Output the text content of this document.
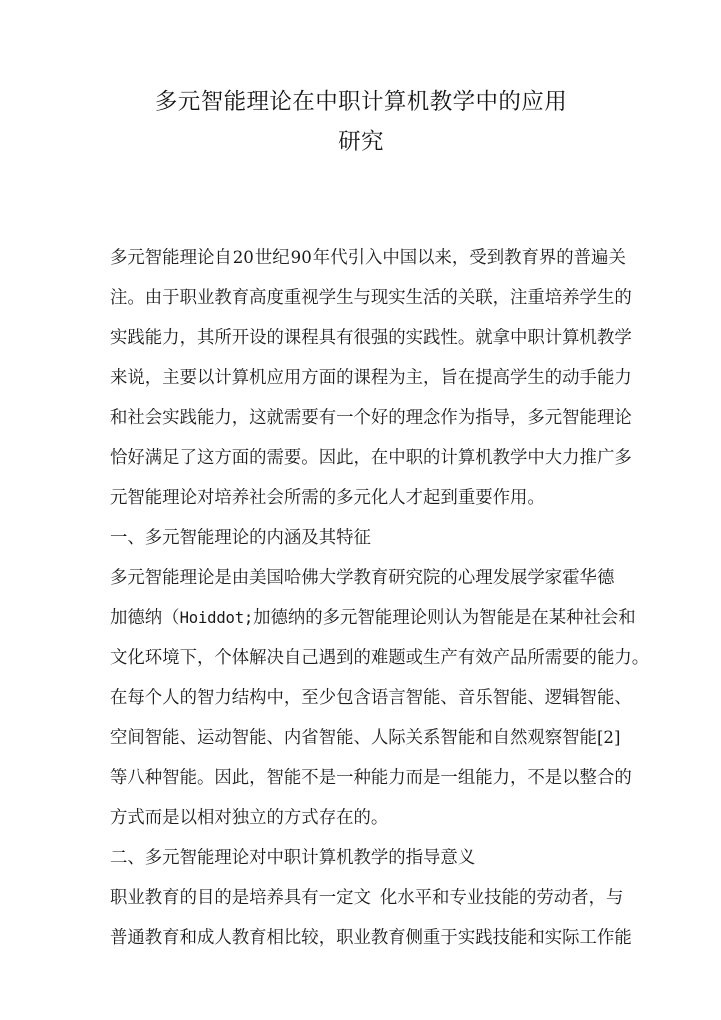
多元智能理论在中职计算机教学中的应用
研究

多元智能理论自 20 世纪 90 年代引入中国以来，受到教育界的普遍关
注。由于职业教育高度重视学生与现实生活的关联，注重培养学生的
实践能力，其所开设的课程具有很强的实践性。就拿中职计算机教学
来说，主要以计算机应用方面的课程为主，旨在提高学生的动手能力
和社会实践能力，这就需要有一个好的理念作为指导，多元智能理论
恰好满足了这方面的需要。因此，在中职的计算机教学中大力推广多
元智能理论对培养社会所需的多元化人才起到重要作用。

一、多元智能理论的内涵及其特征

多元智能理论是由美国哈佛大学教育研究院的心理发展学家霍华德
加德纳（Hoiddot;加德纳的多元智能理论则认为智能是在某种社会和
文化环境下，个体解决自己遇到的难题或生产有效产品所需要的能力。
在每个人的智力结构中，至少包含语言智能、音乐智能、逻辑智能、
空间智能、运动智能、内省智能、人际关系智能和自然观察智能[2]
等八种智能。因此，智能不是一种能力而是一组能力，不是以整合的
方式而是以相对独立的方式存在的。

二、多元智能理论对中职计算机教学的指导意义

职业教育的目的是培养具有一定文 化水平和专业技能的劳动者，与
普通教育和成人教育相比较，职业教育侧重于实践技能和实际工作能
